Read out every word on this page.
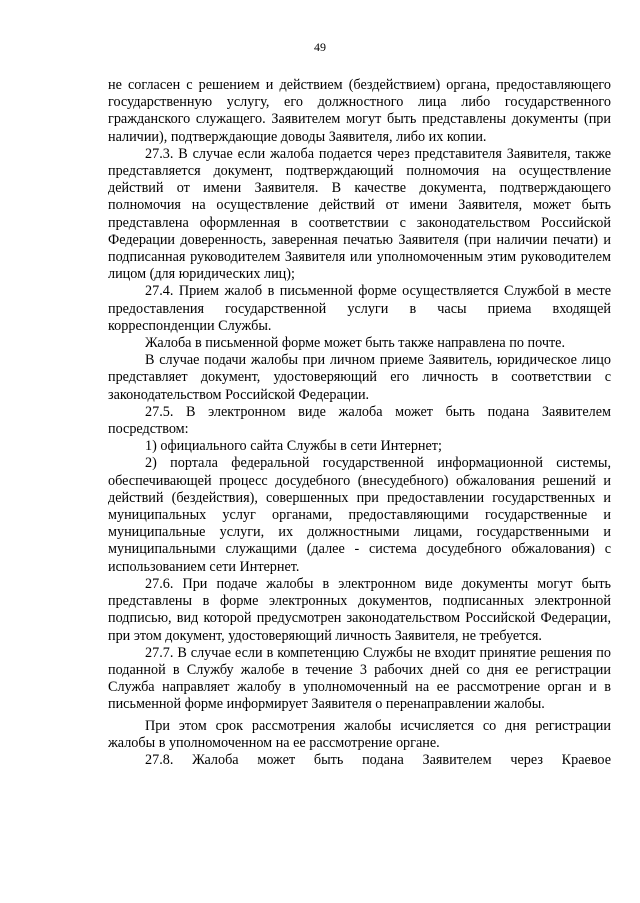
49

не согласен с решением и действием (бездействием) органа, предоставляющего государственную услугу, его должностного лица либо государственного гражданского служащего. Заявителем могут быть представлены документы (при наличии), подтверждающие доводы Заявителя, либо их копии.

27.3. В случае если жалоба подается через представителя Заявителя, также представляется документ, подтверждающий полномочия на осуществление действий от имени Заявителя. В качестве документа, подтверждающего полномочия на осуществление действий от имени Заявителя, может быть представлена оформленная в соответствии с законодательством Российской Федерации доверенность, заверенная печатью Заявителя (при наличии печати) и подписанная руководителем Заявителя или уполномоченным этим руководителем лицом (для юридических лиц);

27.4. Прием жалоб в письменной форме осуществляется Службой в месте предоставления государственной услуги в часы приема входящей корреспонденции Службы.

Жалоба в письменной форме может быть также направлена по почте.

В случае подачи жалобы при личном приеме Заявитель, юридическое лицо представляет документ, удостоверяющий его личность в соответствии с законодательством Российской Федерации.

27.5. В электронном виде жалоба может быть подана Заявителем посредством:

1) официального сайта Службы в сети Интернет;

2) портала федеральной государственной информационной системы, обеспечивающей процесс досудебного (внесудебного) обжалования решений и действий (бездействия), совершенных при предоставлении государственных и муниципальных услуг органами, предоставляющими государственные и муниципальные услуги, их должностными лицами, государственными и муниципальными служащими (далее - система досудебного обжалования) с использованием сети Интернет.

27.6. При подаче жалобы в электронном виде документы могут быть представлены в форме электронных документов, подписанных электронной подписью, вид которой предусмотрен законодательством Российской Федерации, при этом документ, удостоверяющий личность Заявителя, не требуется.

27.7. В случае если в компетенцию Службы не входит принятие решения по поданной в Службу жалобе в течение 3 рабочих дней со дня ее регистрации Служба направляет жалобу в уполномоченный на ее рассмотрение орган и в письменной форме информирует Заявителя о перенаправлении жалобы.

При этом срок рассмотрения жалобы исчисляется со дня регистрации жалобы в уполномоченном на ее рассмотрение органе.

27.8. Жалоба может быть подана Заявителем через Краевое
